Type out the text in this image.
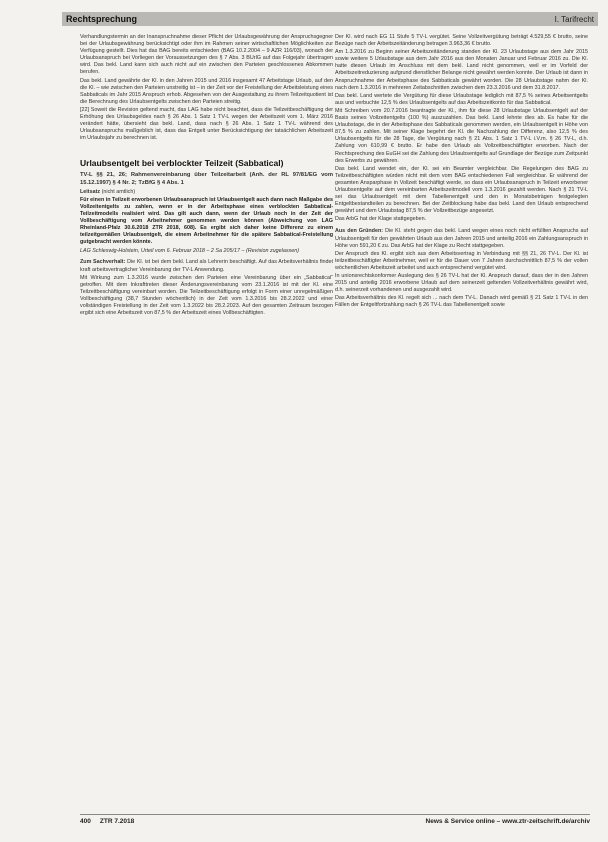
Rechtsprechung	I. Tarifrecht

Verhandlungstermin an der Inanspruchnahme dieser Pflicht der Urlaubsgewährung der Anspruchsgegner bei der Urlaubsgewährung berücksichtigt oder ihm im Rahmen seiner wirtschaftlichen Möglichkeiten zur Verfügung gestellt. Dies hat das BAG bereits entschieden (BAG 10.2.2004 – 9 AZR 116/03), wonach der Urlaubsanspruch bei Vorliegen der Voraussetzungen des § 7 Abs. 3 BUrlG auf das Folgejahr übertragen wird. Das bekl. Land kann sich auch nicht auf ein zwischen den Parteien geschlossenes Abkommen berufen.

Das bekl. Land gewährte der Kl. in den Jahren 2015 und 2016 insgesamt 47 Arbeitstage Urlaub, auf den die Kl. – wie zwischen den Parteien unstreitig ist – in der Zeit vor der Freistellung der Arbeitsleistung eines Sabbaticals im Jahr 2015 Anspruch erhob. Abgesehen von der Ausgestaltung zu ihrem Teilzeitquotient ist die Berechnung des Urlaubsentgelts zwischen den Parteien streitig.

[22] Soweit die Revision geltend macht, das LAG habe nicht beachtet, dass die Teilzeitbeschäftigung der Erhöhung des Urlaubsgeldes nach § 26 Abs. 1 Satz 1 TV-L wegen der Arbeitszeit vom 1. März 2016 verändert hätte, übersieht das bekl. Land, dass nach § 26 Abs. 1 Satz 1 TV-L während des Urlaubsanspruchs maßgeblich ist, dass das Entgelt unter Berücksichtigung der tatsächlichen Arbeitszeit im Urlaubsjahr zu berechnen ist.

Urlaubsentgelt bei verblockter Teilzeit (Sabbatical)

TV-L §§ 21, 26; Rahmenvereinbarung über Teilzeitarbeit (Anh. der RL 97/81/EG vom 15.12.1997) § 4 Nr. 2; TzBfG § 4 Abs. 1

Leitsatz (nicht amtlich)

Für einen in Teilzeit erworbenen Urlaubsanspruch ist Urlaubsentgelt auch dann nach Maßgabe des Vollzeitentgelts zu zahlen, wenn er in der Arbeitsphase eines verblockten Sabbatical-Teilzeitmodells realisiert wird. Das gilt auch dann, wenn der Urlaub noch in der Zeit der Vollbeschäftigung vom Arbeitnehmer genommen werden können (Abweichung von LAG Rheinland-Pfalz 30.6.2018 ZTR 2018, 608). Es ergibt sich daher keine Differenz zu einem teilzeitgemäßen Urlaubsentgelt, die einem Arbeitnehmer für die spätere Sabbatical-Freistellung gutgebracht werden könnte.

LAG Schleswig-Holstein, Urteil vom 6. Februar 2018 – 2 Sa 205/17 – (Revision zugelassen)

Zum Sachverhalt: Die Kl. ist bei dem bekl. Land als Lehrerin beschäftigt. Auf das Arbeitsverhältnis findet kraft arbeitsvertraglicher Vereinbarung der TV-L Anwendung.

Mit Wirkung zum 1.3.2016 wurde zwischen den Parteien eine Vereinbarung über ein „Sabbatical“ getroffen. Mit dem Inkrafttreten dieser Änderungsvereinbarung vom 23.1.2016 ist mit der Kl. eine Teilzeitbeschäftigung vereinbart worden. Die Teilzeitbeschäftigung erfolgt in Form einer unregelmäßigen Vollbeschäftigung (38,7 Stunden wöchentlich) in der Zeit vom 1.3.2016 bis 28.2.2022 und einer vollständigen Freistellung in der Zeit vom 1.3.2022 bis 28.2.2023. Auf den gesamten Zeitraum bezogen ergibt sich eine Arbeitszeit von 87,5 % der Arbeitszeit eines Vollbeschäftigten.

Der Kl. wird nach EG 11 Stufe 5 TV-L vergütet. Seine Vollzeitvergütung beträgt 4.529,55 € brutto, seine Bezüge nach der Arbeitszeitänderung betragen 3.963,36 € brutto.

Am 1.3.2016 zu Beginn seiner Arbeitszeitänderung standen der Kl. 23 Urlaubstage aus dem Jahr 2015 sowie weitere 5 Urlaubstage aus dem Jahr 2016 aus den Monaten Januar und Februar 2016 zu. Die Kl. hatte diesen Urlaub im Anschluss mit dem bekl. Land nicht genommen, weil er im Vorfeld der Arbeitszeitreduzierung aufgrund dienstlicher Belange nicht gewährt werden konnte. Der Urlaub ist dann in Anspruchnahme der Arbeitsphase des Sabbaticals gewährt worden. Die 28 Urlaubstage nahm der Kl. nach dem 1.3.2016 in mehreren Zeitabschnitten zwischen dem 23.3.2016 und dem 31.8.2017.

Das bekl. Land wertete die Vergütung für diese Urlaubstage lediglich mit 87,5 % seines Arbeitsentgelts aus und verbuchte 12,5 % des Urlaubsentgelts auf das Arbeitszeitkonto für das Sabbatical.

Mit Schreiben vom 20.7.2016 beantragte der Kl., ihm für diese 28 Urlaubstage Urlaubsentgelt auf der Basis seines Vollzeitentgelts (100 %) auszuzahlen. Das bekl. Land lehnte dies ab. Es habe für die Urlaubstage, die in der Arbeitsphase des Sabbaticals genommen werden, ein Urlaubsentgelt in Höhe von 87,5 % zu zahlen. Mit seiner Klage begehrt der Kl. die Nachzahlung der Differenz, also 12,5 % des Urlaubsentgelts für die 28 Tage, die Vergütung nach § 21 Abs. 1 Satz 1 TV-L i.V.m. § 26 TV-L, d.h. Zahlung von 610,99 € brutto. Er habe den Urlaub als Vollzeitbeschäftigter erworben. Nach der Rechtsprechung des EuGH sei die Zahlung des Urlaubsentgelts auf Grundlage der Bezüge zum Zeitpunkt des Erwerbs zu gewähren.

Das bekl. Land wendet ein, der Kl. sei ein Beamter vergleichbar. Die Regelungen des BAG zu Teilzeitbeschäftigten würden nicht mit dem vom BAG entschiedenen Fall vergleichbar. Er während der gesamten Ansparphase in Vollzeit beschäftigt werde, so dass ein Urlaubsanspruch in Teilzeit erworbener Urlaubsentgelte auf dem vereinbarten Arbeitszeitmodell vom 1.3.2016 gezahlt werden. Nach § 21 TV-L sei das Urlaubsentgelt mit dem Tabellenentgelt und den in Monatsbeträgen festgelegten Entgeltbestandteilen zu berechnen. Bei der Zeitblockung habe das bekl. Land den Urlaub entsprechend gewährt und dem Urlaubstag 87,5 % der Vollzeitbezüge angesetzt.

Das ArbG hat der Klage stattgegeben.

Aus den Gründen: Die Kl. steht gegen das bekl. Land wegen eines noch nicht erfüllten Anspruchs auf Urlaubsentgelt für den gewährten Urlaub aus den Jahren 2015 und anteilig 2016 ein Zahlungsanspruch in Höhe von 591,20 € zu. Das ArbG hat der Klage zu Recht stattgegeben.

Der Anspruch des Kl. ergibt sich aus dem Arbeitsvertrag in Verbindung mit §§ 21, 26 TV-L. Der Kl. ist teilzeitbeschäftigter Arbeitnehmer, weil er für die Dauer von 7 Jahren durchschnittlich 87,5 % der vollen wöchentlichen Arbeitszeit arbeitet und auch entsprechend vergütet wird.

In unionsrechtskonformer Auslegung des § 26 TV-L hat der Kl. Anspruch darauf, dass der in den Jahren 2015 und anteilig 2016 erworbene Urlaub auf dem seinerzeit geltenden Vollzeitverhältnis gewährt wird, d.h. seinerzeit vorhandenen und ausgezahlt wird.

Das Arbeitsverhältnis des Kl. regelt sich ... nach dem TV-L. Danach wird gemäß § 21 Satz 1 TV-L in den Fällen der Entgeltfortzahlung nach § 26 TV-L das Tabellenentgelt sowie

400 ZTR 7.2018	News & Service online – www.ztr-zeitschrift.de/archiv
